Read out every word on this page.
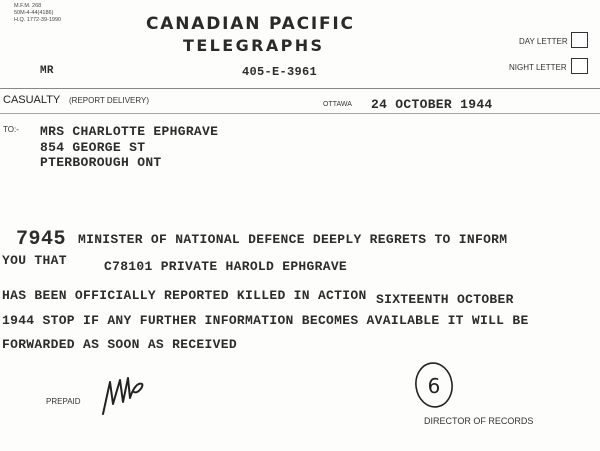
M.F.M. 268
50M-4-44(4186)
H.Q. 1772-39-1990	CANADIAN PACIFIC
TELEGRAPHS	DAY LETTER
NIGHT LETTER
MR	405-E-3961
CASUALTY (REPORT DELIVERY)	OTTAWA 24 OCTOBER 1944
TO:- MRS CHARLOTTE EPHGRAVE
854 GEORGE ST
PTERBOROUGH ONT
7945 MINISTER OF NATIONAL DEFENCE DEEPLY REGRETS TO INFORM
YOU THAT	C78101 PRIVATE HAROLD EPHGRAVE
HAS BEEN OFFICIALLY REPORTED KILLED IN ACTION SIXTEENTH OCTOBER
1944 STOP IF ANY FURTHER INFORMATION BECOMES AVAILABLE IT WILL BE
FORWARDED AS SOON AS RECEIVED
PREPAID
6
DIRECTOR OF RECORDS
